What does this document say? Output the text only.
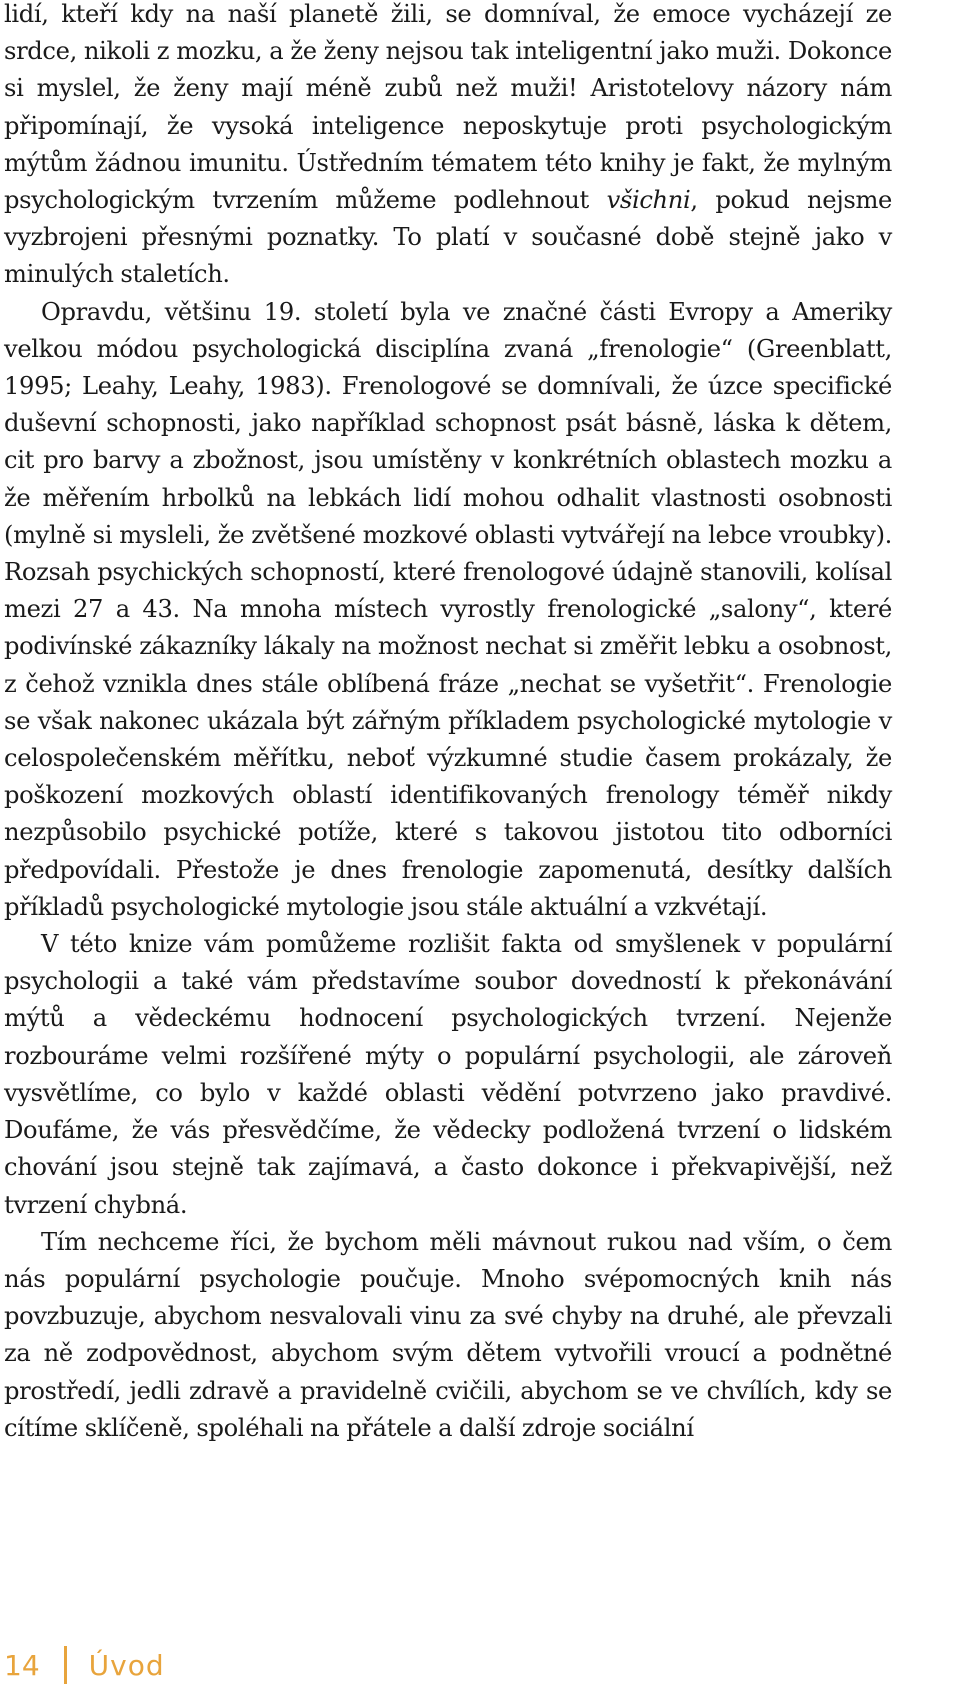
lidí, kteří kdy na naší planetě žili, se domníval, že emoce vycházejí ze srdce, nikoli z mozku, a že ženy nejsou tak inteligentní jako muži. Dokonce si myslel, že ženy mají méně zubů než muži! Aristotelovy názory nám připomínají, že vysoká inteligence neposkytuje proti psychologickým mýtům žádnou imunitu. Ústředním tématem této knihy je fakt, že mylným psychologickým tvrzením můžeme podlehnout všichni, pokud nejsme vyzbrojeni přesnými poznatky. To platí v současné době stejně jako v minulých staletích.

Opravdu, většinu 19. století byla ve značné části Evropy a Ameriky velkou módou psychologická disciplína zvaná „frenologie“ (Greenblatt, 1995; Leahy, Leahy, 1983). Frenologové se domnívali, že úzce specifické duševní schopnosti, jako například schopnost psát básně, láska k dětem, cit pro barvy a zbožnost, jsou umístěny v konkrétních oblastech mozku a že měřením hrbolků na lebkách lidí mohou odhalit vlastnosti osobnosti (mylně si mysleli, že zvětšené mozkové oblasti vytvářejí na lebce vroubky). Rozsah psychických schopností, které frenologové údajně stanovili, kolísal mezi 27 a 43. Na mnoha místech vyrostly frenologické „salony“, které podivínské zákazníky lákaly na možnost nechat si změřit lebku a osobnost, z čehož vznikla dnes stále oblíbená fráze „nechat se vyšetřit“. Frenologie se však nakonec ukázala být zářným příkladem psychologické mytologie v celospolečenském měřítku, neboť výzkumné studie časem prokázaly, že poškození mozkových oblastí identifikovaných frenology téměř nikdy nezpůsobilo psychické potíže, které s takovou jistotou tito odborníci předpovídali. Přestože je dnes frenologie zapomenutá, desítky dalších příkladů psychologické mytologie jsou stále aktuální a vzkvétají.

V této knize vám pomůžeme rozlišit fakta od smyšlenek v populární psychologii a také vám představíme soubor dovedností k překonávání mýtů a vědeckému hodnocení psychologických tvrzení. Nejenže rozbouráme velmi rozšířené mýty o populární psychologii, ale zároveň vysvětlíme, co bylo v každé oblasti vědění potvrzeno jako pravdivé. Doufáme, že vás přesvědčíme, že vědecky podložená tvrzení o lidském chování jsou stejně tak zajímavá, a často dokonce i překvapivější, než tvrzení chybná.

Tím nechceme říci, že bychom měli mávnout rukou nad vším, o čem nás populární psychologie poučuje. Mnoho svépomocných knih nás povzbuzuje, abychom nesvalovali vinu za své chyby na druhé, ale převzali za ně zodpovědnost, abychom svým dětem vytvořili vroucí a podnětné prostředí, jedli zdravě a pravidelně cvičili, abychom se ve chvílích, kdy se cítíme sklíčeně, spoléhali na přátele a další zdroje sociální

14 Úvod
